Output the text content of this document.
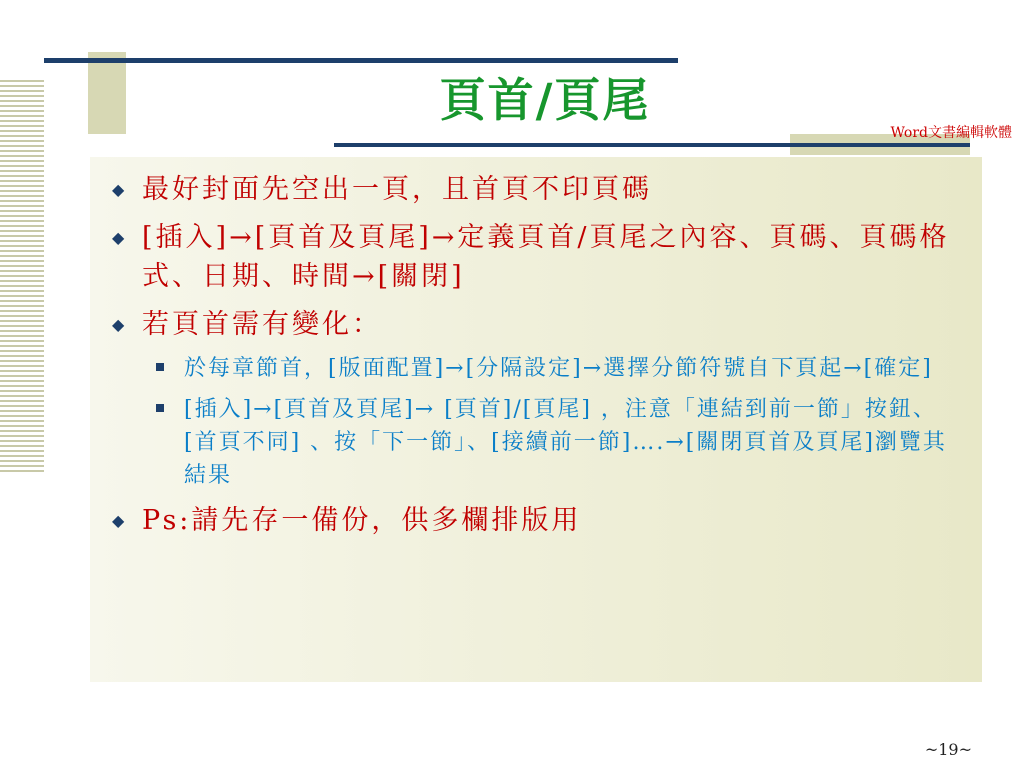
頁首/頁尾
Word文書編輯軟體
◆ 最好封面先空出一頁，且首頁不印頁碼
◆ [插入]→[頁首及頁尾]→定義頁首/頁尾之內容、頁碼、頁碼格式、日期、時間→[關閉]
◆ 若頁首需有變化：
於每章節首，[版面配置]→[分隔設定]→選擇分節符號自下頁起→[確定]
[插入]→[頁首及頁尾]→ [頁首]/[頁尾] ，注意「連結到前一節」按鈕、[首頁不同] 、按「下一節」、[接續前一節]….→[關閉頁首及頁尾]瀏覽其結果
◆ Ps:請先存一備份，供多欄排版用
~19~
